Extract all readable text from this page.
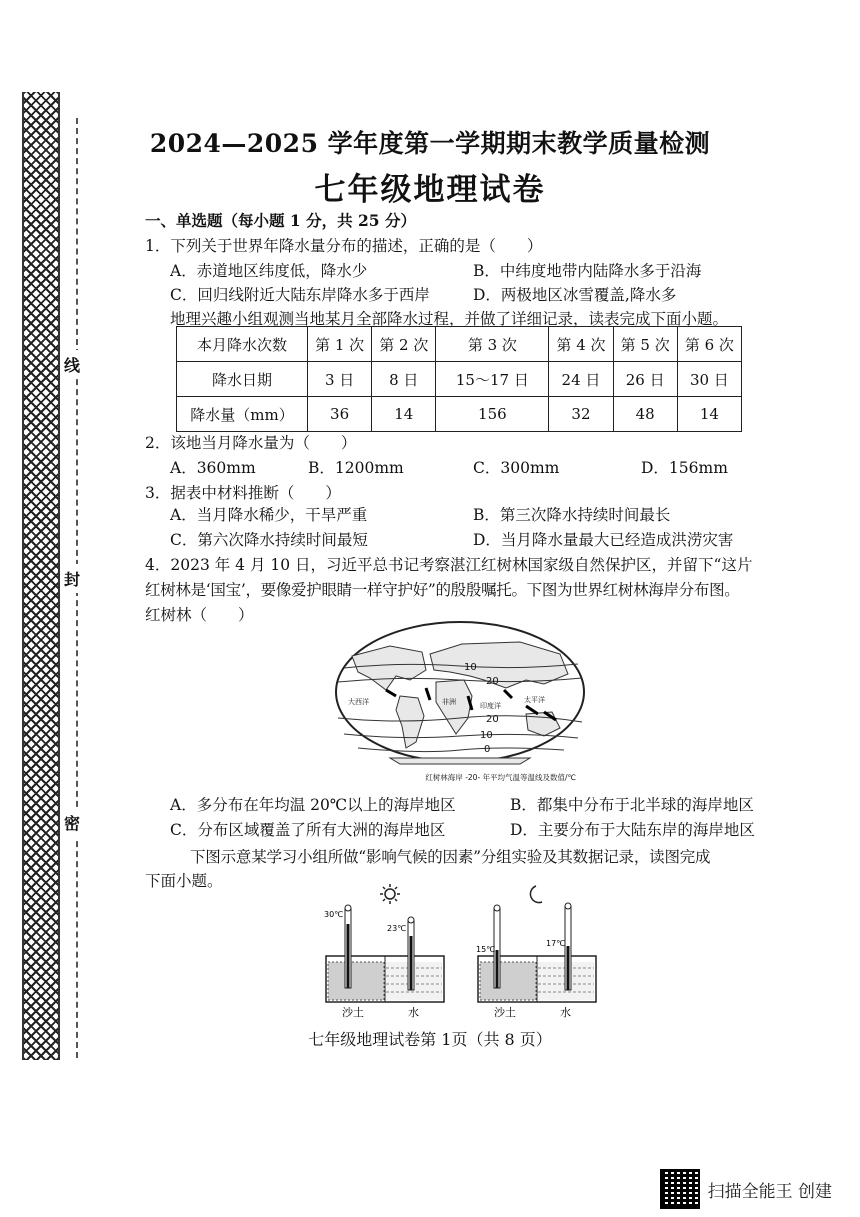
线
封
密
2024—2025 学年度第一学期期末教学质量检测
七年级地理试卷
一、单选题（每小题 1 分，共 25 分）
1．下列关于世界年降水量分布的描述，正确的是（　　）
A．赤道地区纬度低，降水少	B．中纬度地带内陆降水多于沿海
C．回归线附近大陆东岸降水多于西岸	D．两极地区冰雪覆盖,降水多
地理兴趣小组观测当地某月全部降水过程，并做了详细记录，读表完成下面小题。
本月降水次数	第 1 次	第 2 次	第 3 次	第 4 次	第 5 次	第 6 次
降水日期	3 日	8 日	15～17 日	24 日	26 日	30 日
降水量（mm）	36	14	156	32	48	14
2．该地当月降水量为（　　）
A．360mm	B．1200mm	C．300mm	D．156mm
3．据表中材料推断（　　）
A．当月降水稀少，干旱严重	B．第三次降水持续时间最长
C．第六次降水持续时间最短	D．当月降水量最大已经造成洪涝灾害
4．2023 年 4 月 10 日，习近平总书记考察湛江红树林国家级自然保护区，并留下“这片
红树林是‘国宝’，要像爱护眼睛一样守护好”的殷殷嘱托。下图为世界红树林海岸分布图。
红树林（　　）
10
20
20
10
0
太平洋
非洲	印度洋
大西洋
红树林海岸 -20- 年平均气温等温线及数值/℃
A．多分布在年均温 20℃以上的海岸地区	B．都集中分布于北半球的海岸地区
C．分布区域覆盖了所有大洲的海岸地区	D．主要分布于大陆东岸的海岸地区
下图示意某学习小组所做“影响气候的因素”分组实验及其数据记录，读图完成
下面小题。
30℃
23℃
沙土	水
15℃
17℃
沙土	水
七年级地理试卷第 1页（共 8 页）
扫描全能王 创建
